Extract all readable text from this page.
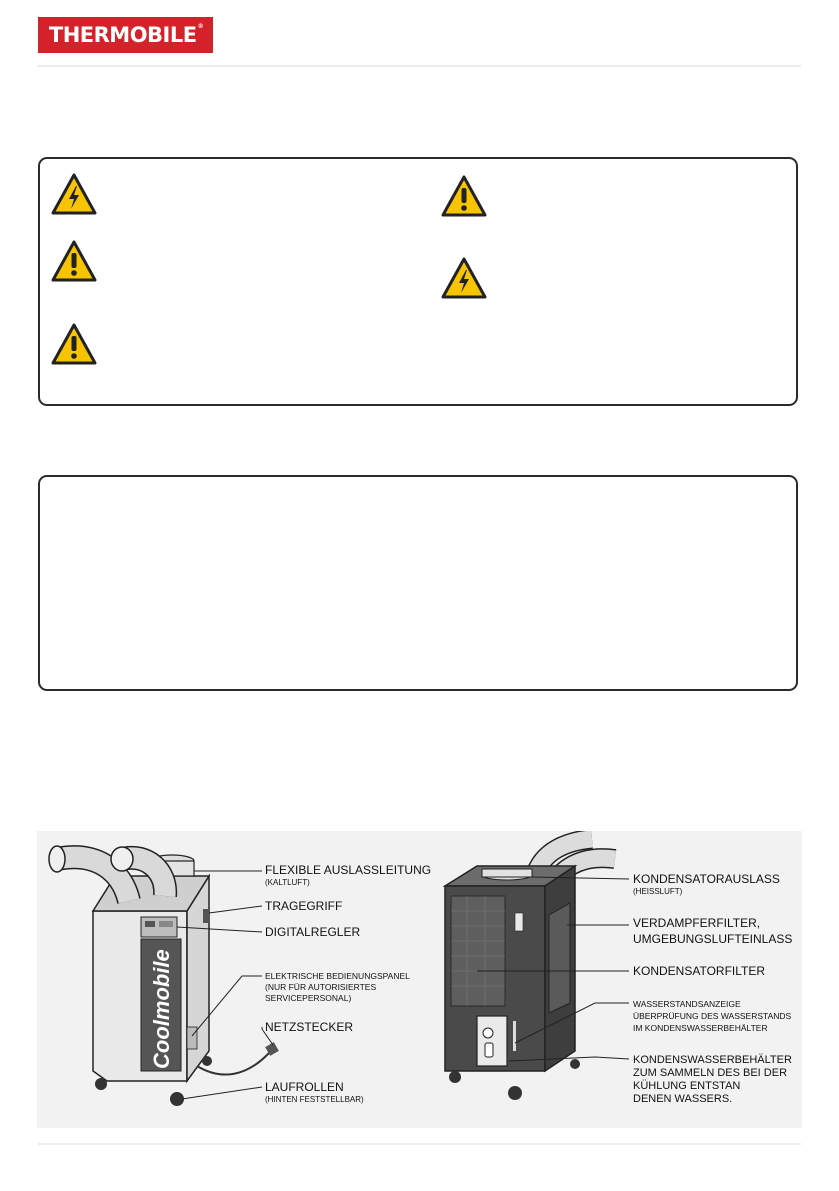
THERMOBILE®
Coolmobile
FLEXIBLE AUSLASSLEITUNG
(KALTLUFT)
TRAGEGRIFF
DIGITALREGLER
ELEKTRISCHE BEDIENUNGSPANEL
(NUR FÜR AUTORISIERTES
SERVICEPERSONAL)
NETZSTECKER
LAUFROLLEN
(HINTEN FESTSTELLBAR)
KONDENSATORAUSLASS
(HEISSLUFT)
VERDAMPFERFILTER,
UMGEBUNGSLUFTEINLASS
KONDENSATORFILTER
WASSERSTANDSANZEIGE
ÜBERPRÜFUNG DES WASSERSTANDS
IM KONDENSWASSERBEHÄLTER
KONDENSWASSERBEHÄLTER
ZUM SAMMELN DES BEI DER
KÜHLUNG ENTSTAN
DENEN WASSERS.
